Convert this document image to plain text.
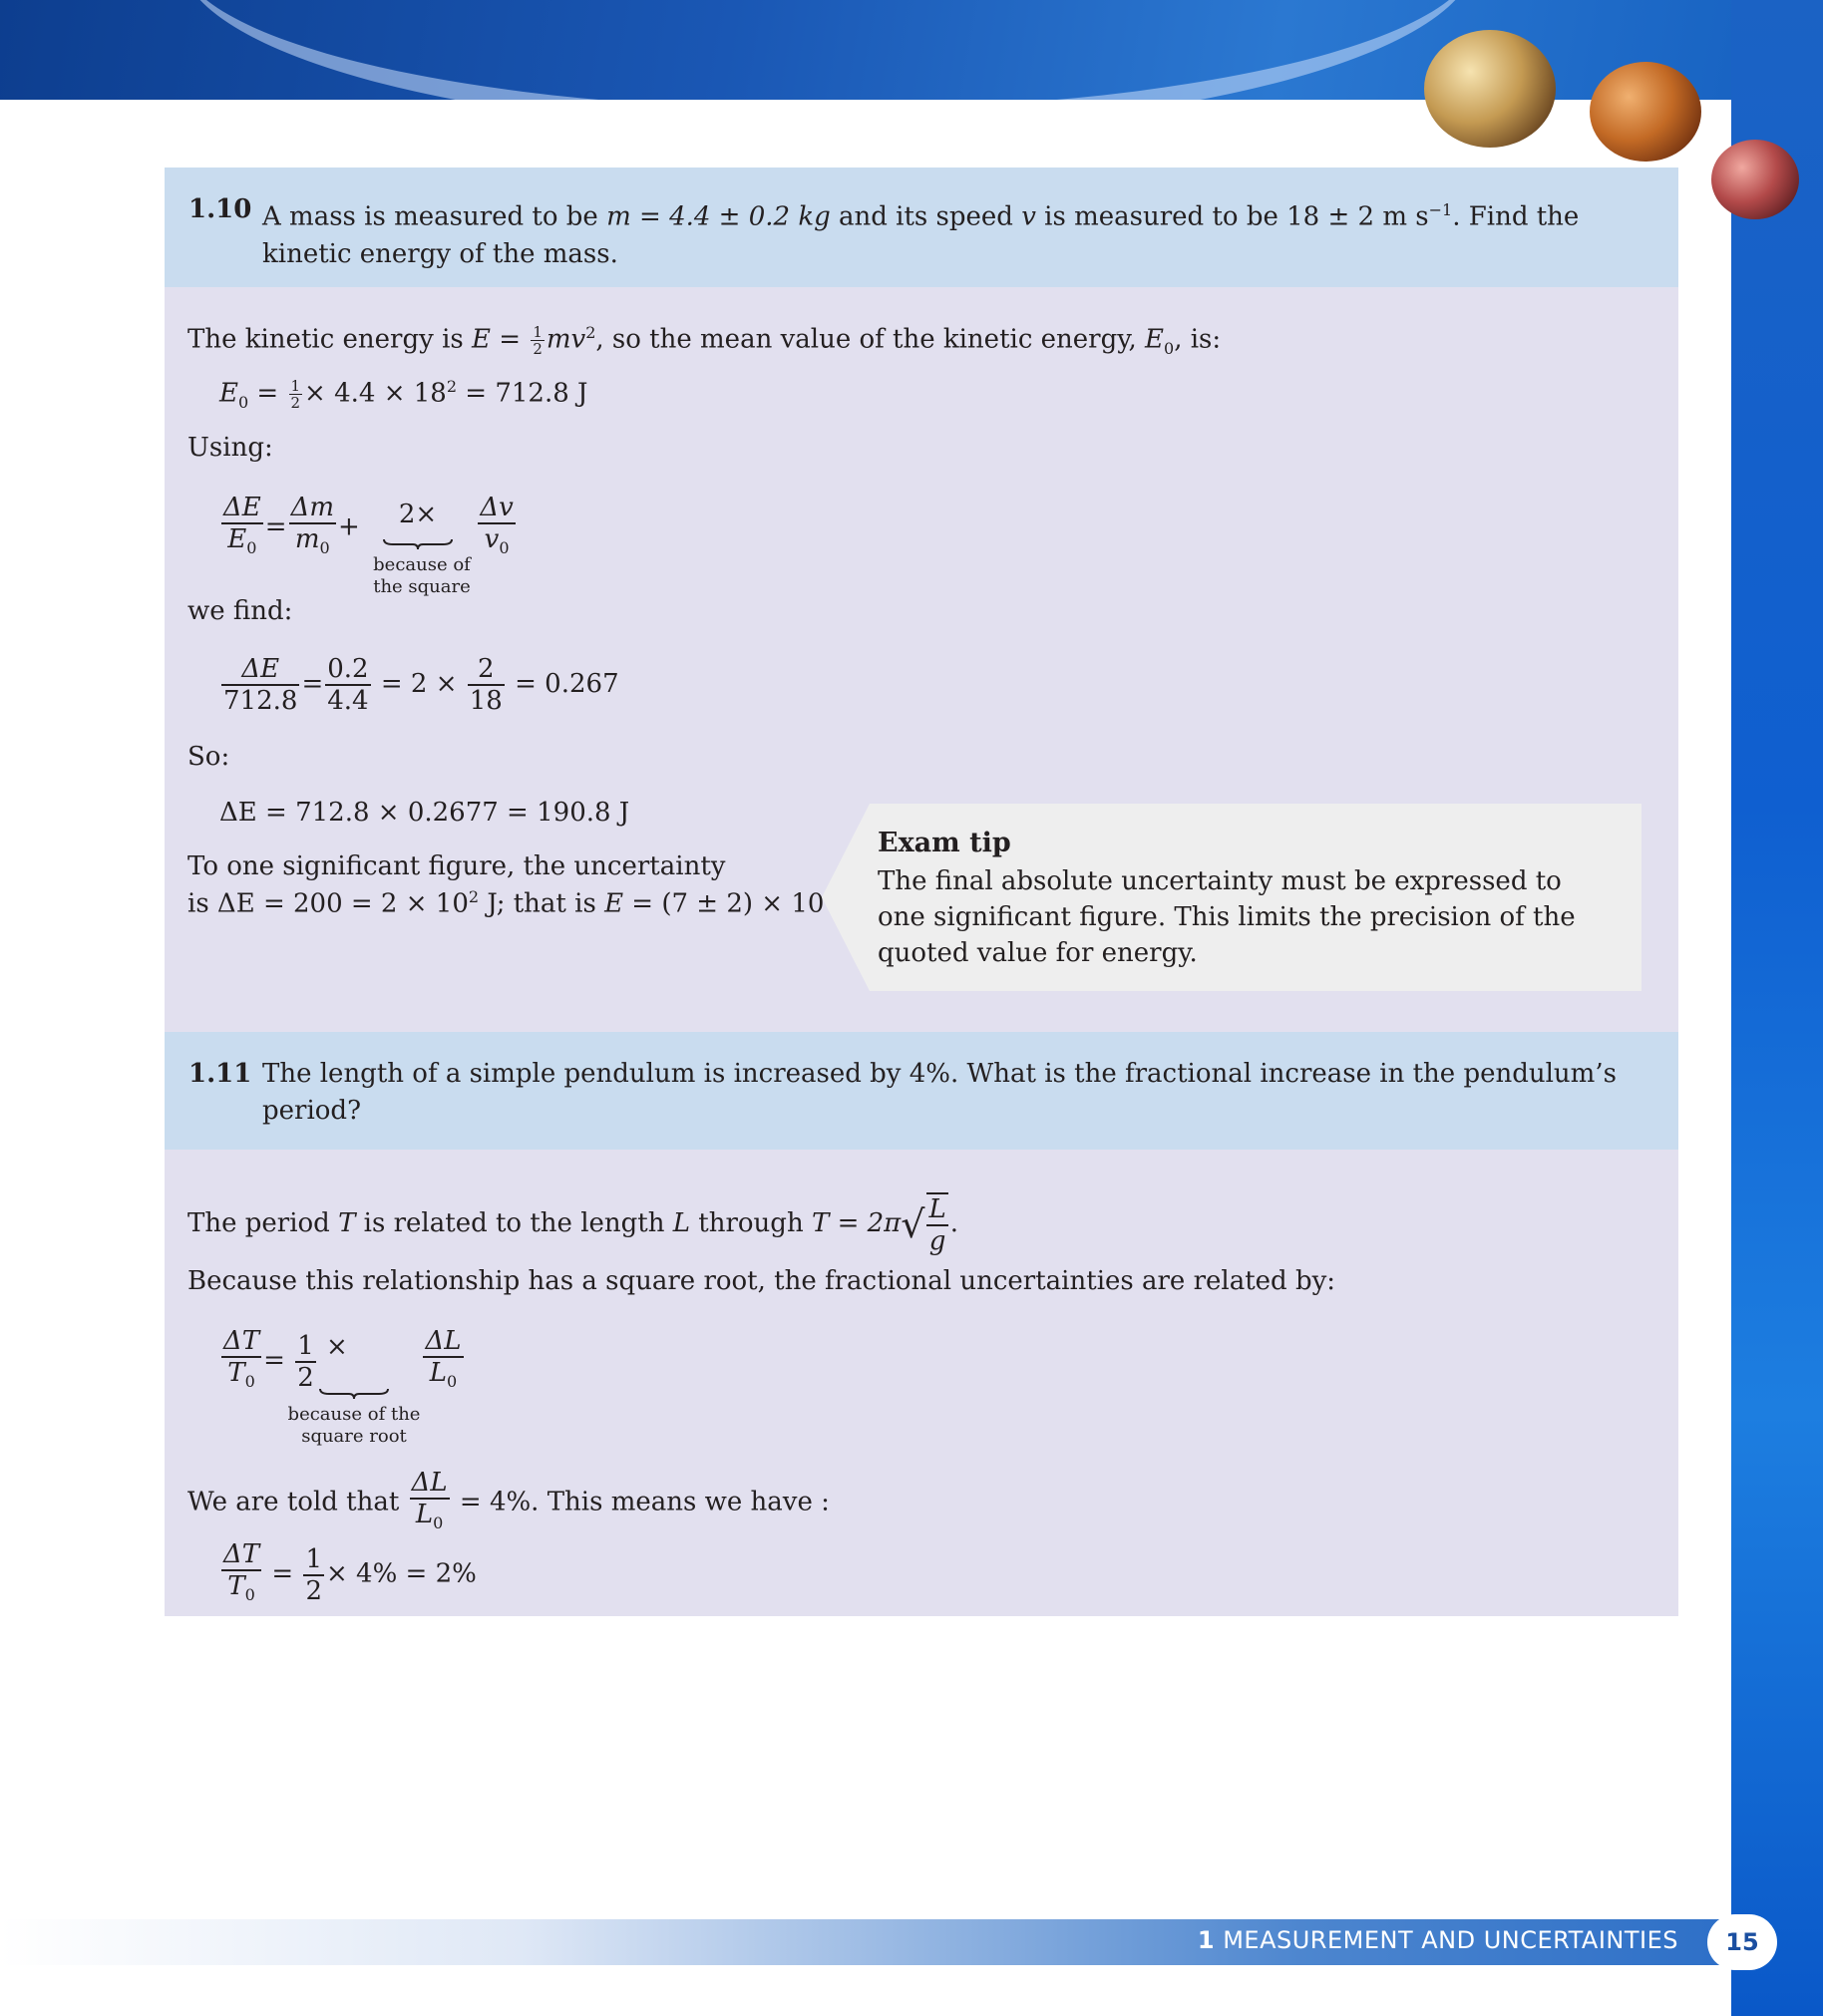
1.10 A mass is measured to be m = 4.4 ± 0.2 kg and its speed v is measured to be 18 ± 2 m $s^{-1}$. Find the kinetic energy of the mass.
The kinetic energy is $E = \frac{1}{2} mv^2$, so the mean value of the kinetic energy, $E_0$, is:
$E_0 = \frac{1}{2} \times 4.4 \times 18^2 = 712.8$ J
Using:
$\frac{\Delta E}{E_0} = \frac{\Delta m}{m_0} + 2\times \frac{\Delta v}{v_0}$
because of
the square
we find:
$\frac{\Delta E}{712.8} = \frac{0.2}{4.4} = 2 \times \frac{2}{18} = 0.267$
So:
ΔE = 712.8 × 0.2677 = 190.8 J
To one significant figure, the uncertainty
is $\Delta E = 200 = 2 \times 10^2$ J; that is E = (7 ± 2) × 10
Exam tip
The final absolute uncertainty must be expressed to one significant figure. This limits the precision of the quoted value for energy.
1.11 The length of a simple pendulum is increased by 4%. What is the fractional increase in the pendulum’s period?
The period T is related to the length L through $T = 2\pi√ \frac{L}{g}$ .
Because this relationship has a square root, the fractional uncertainties are related by:
$\frac{\Delta T}{T_0} = \frac{1}{2}$ ×	$\frac{\Delta L}{L_0}$
because of the
square root
We are told that $\frac{\Delta L}{L_0} = 4\%$. This means we have :
$\frac{\Delta T}{T_0} = \frac{1}{2} \times 4\% = 2\%$
1 MEASUREMENT AND UNCERTAINTIES	15
